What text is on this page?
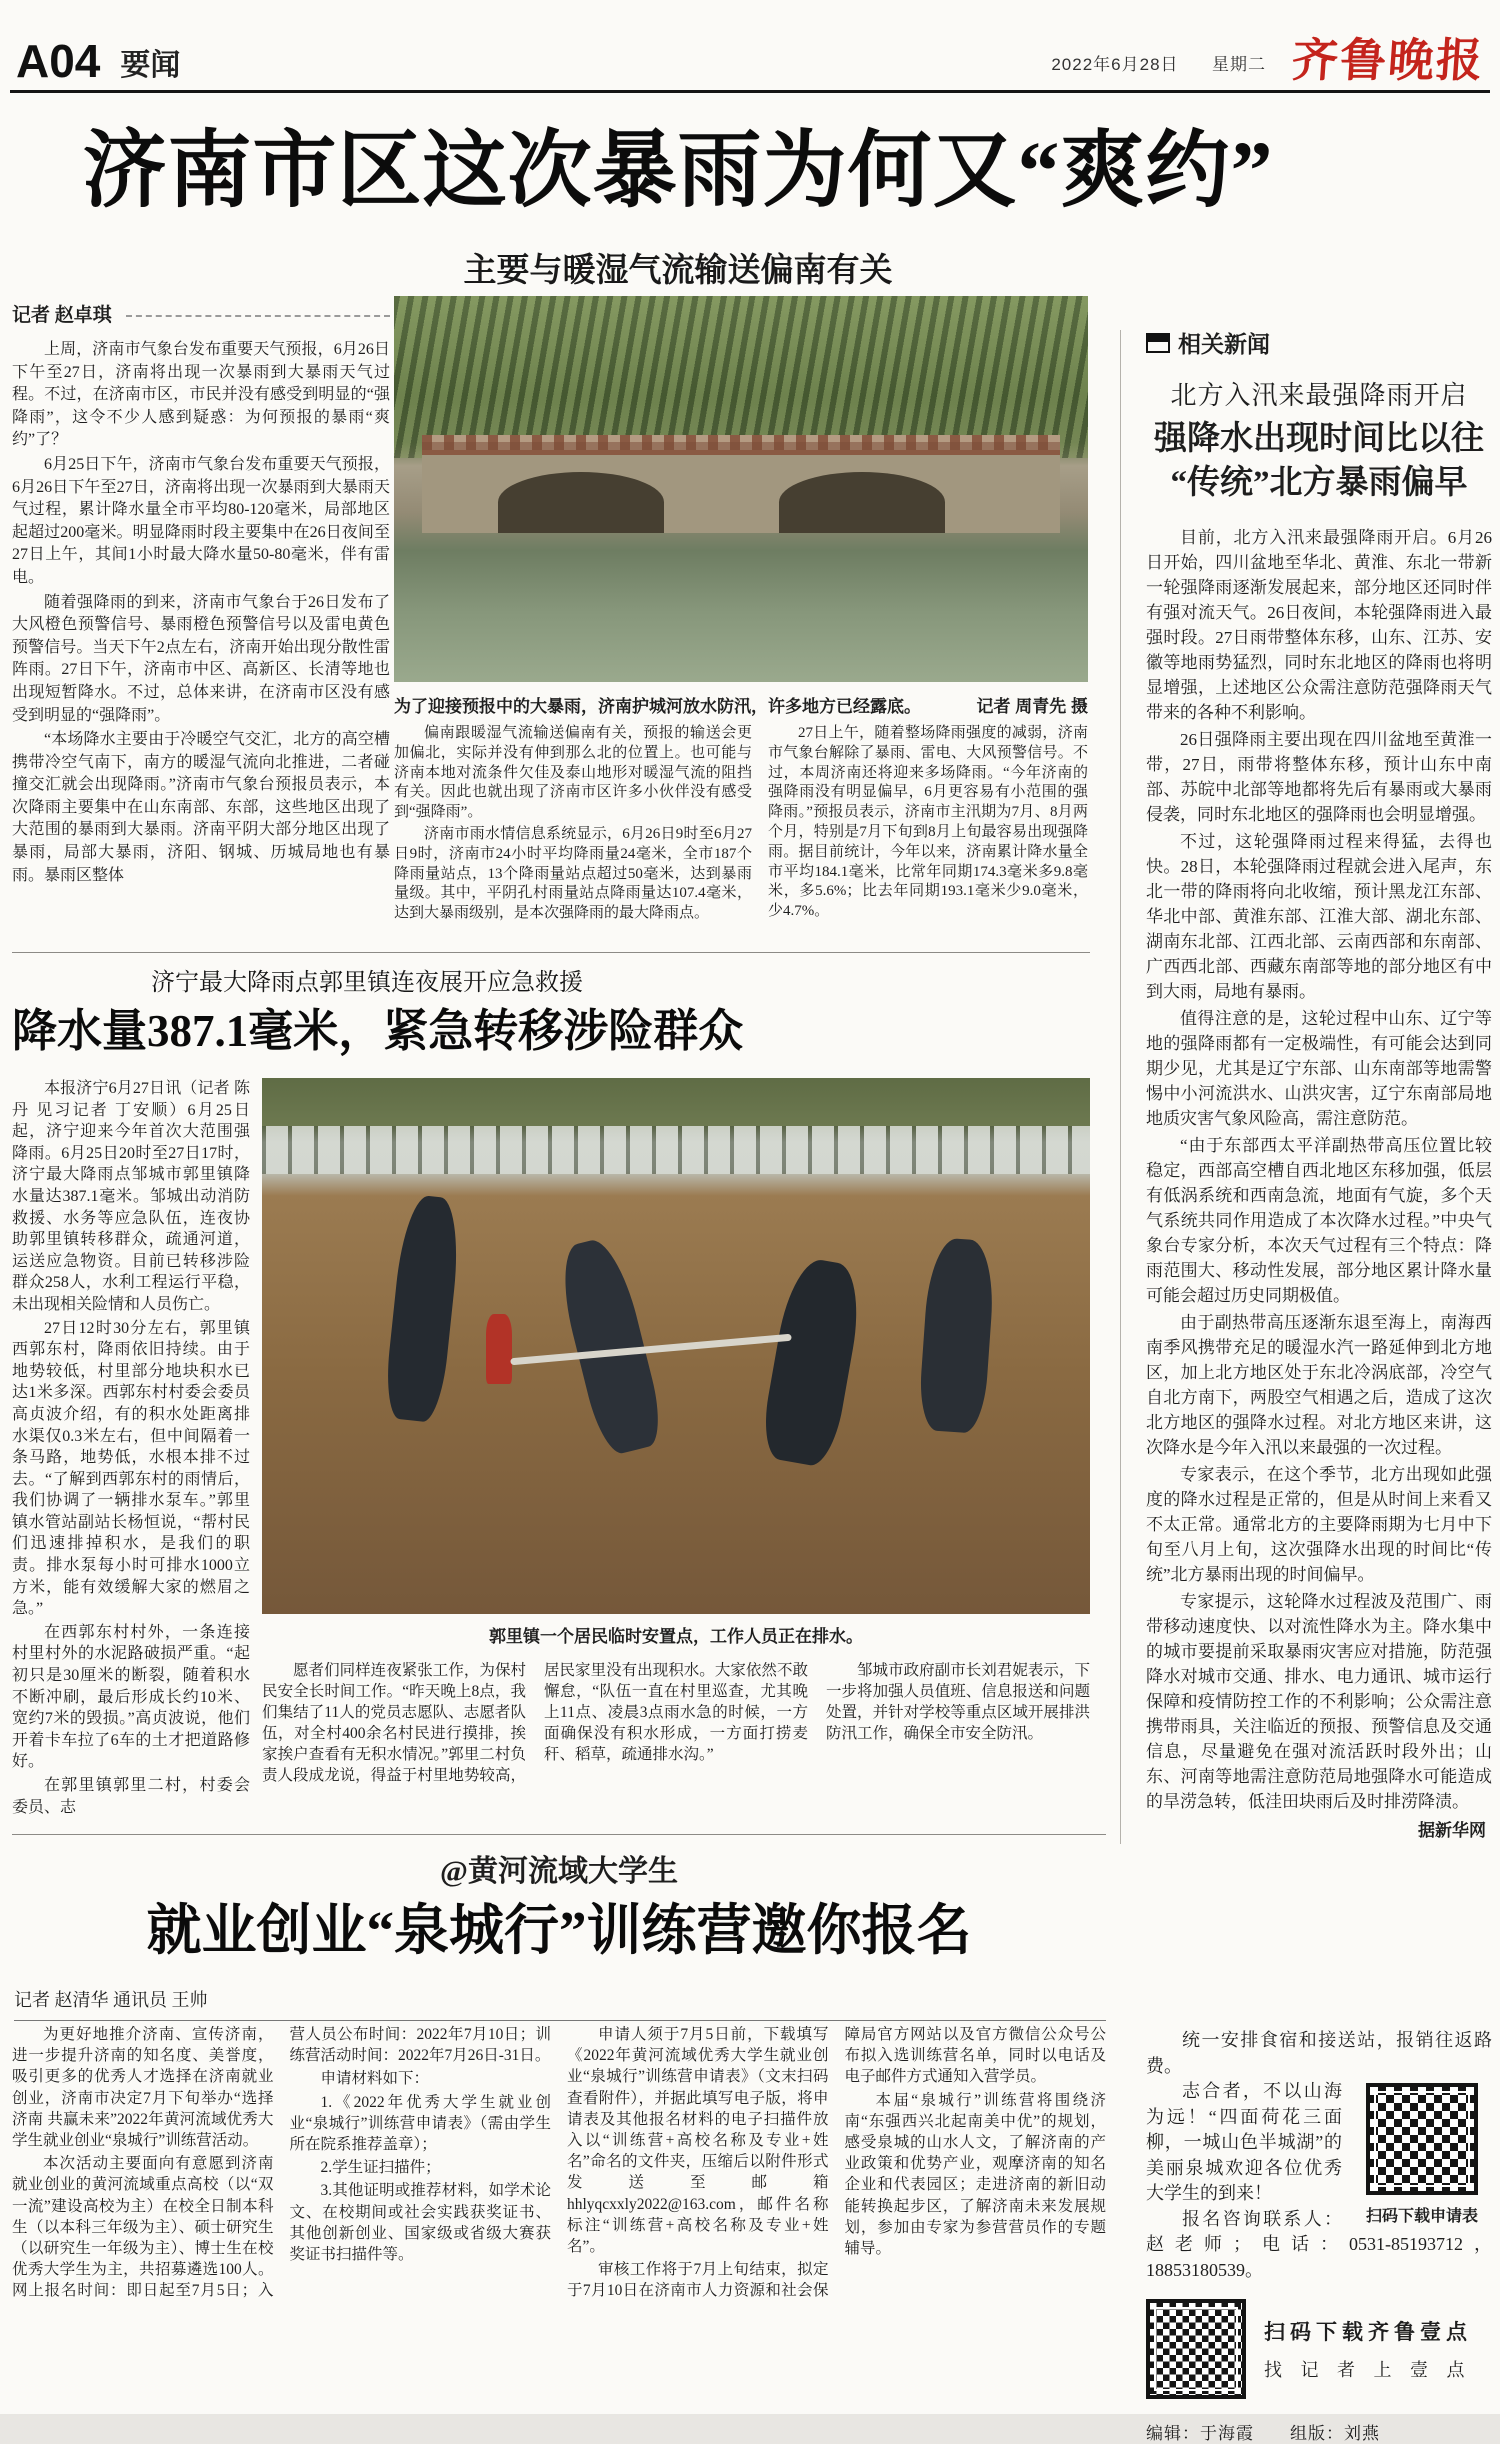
A04 要闻	2022年6月28日 星期二 齐鲁晚报
济南市区这次暴雨为何又“爽约”
主要与暖湿气流输送偏南有关
记者 赵卓琪

上周，济南市气象台发布重要天气预报，6月26日下午至27日，济南将出现一次暴雨到大暴雨天气过程。不过，在济南市区，市民并没有感受到明显的“强降雨”，这令不少人感到疑惑：为何预报的暴雨“爽约”了？

6月25日下午，济南市气象台发布重要天气预报，6月26日下午至27日，济南将出现一次暴雨到大暴雨天气过程，累计降水量全市平均80-120毫米，局部地区起超过200毫米。明显降雨时段主要集中在26日夜间至27日上午，其间1小时最大降水量50-80毫米，伴有雷电。

随着强降雨的到来，济南市气象台于26日发布了大风橙色预警信号、暴雨橙色预警信号以及雷电黄色预警信号。当天下午2点左右，济南开始出现分散性雷阵雨。27日下午，济南市中区、高新区、长清等地也出现短暂降水。不过，总体来讲，在济南市区没有感受到明显的“强降雨”。

“本场降水主要由于冷暖空气交汇，北方的高空槽携带冷空气南下，南方的暖湿气流向北推进，二者碰撞交汇就会出现降雨。”济南市气象台预报员表示，本次降雨主要集中在山东南部、东部，这些地区出现了大范围的暴雨到大暴雨。济南平阴大部分地区出现了暴雨，局部大暴雨，济阳、钢城、历城局地也有暴雨。暴雨区整体

为了迎接预报中的大暴雨，济南护城河放水防汛，许多地方已经露底。	记者 周青先 摄

偏南跟暖湿气流输送偏南有关，预报的输送会更加偏北，实际并没有伸到那么北的位置上。也可能与济南本地对流条件欠佳及泰山地形对暖湿气流的阻挡有关。因此也就出现了济南市区许多小伙伴没有感受到“强降雨”。

济南市雨水情信息系统显示，6月26日9时至6月27日9时，济南市24小时平均降雨量24毫米，全市187个降雨量站点，13个降雨量站点超过50毫米，达到暴雨量级。其中，平阴孔村雨量站点降雨量达107.4毫米，达到大暴雨级别，是本次强降雨的最大降雨点。

27日上午，随着整场降雨强度的减弱，济南市气象台解除了暴雨、雷电、大风预警信号。不过，本周济南还将迎来多场降雨。“今年济南的强降雨没有明显偏早，6月更容易有小范围的强降雨。”预报员表示，济南市主汛期为7月、8月两个月，特别是7月下旬到8月上旬最容易出现强降雨。据目前统计，今年以来，济南累计降水量全市平均184.1毫米，比常年同期174.3毫米多9.8毫米，多5.6%；比去年同期193.1毫米少9.0毫米，少4.7%。

相关新闻
北方入汛来最强降雨开启
强降水出现时间比以往
“传统”北方暴雨偏早

目前，北方入汛来最强降雨开启。6月26日开始，四川盆地至华北、黄淮、东北一带新一轮强降雨逐渐发展起来，部分地区还同时伴有强对流天气。26日夜间，本轮强降雨进入最强时段。27日雨带整体东移，山东、江苏、安徽等地雨势猛烈，同时东北地区的降雨也将明显增强，上述地区公众需注意防范强降雨天气带来的各种不利影响。

26日强降雨主要出现在四川盆地至黄淮一带，27日，雨带将整体东移，预计山东中南部、苏皖中北部等地都将先后有暴雨或大暴雨侵袭，同时东北地区的强降雨也会明显增强。

不过，这轮强降雨过程来得猛，去得也快。28日，本轮强降雨过程就会进入尾声，东北一带的降雨将向北收缩，预计黑龙江东部、华北中部、黄淮东部、江淮大部、湖北东部、湖南东北部、江西北部、云南西部和东南部、广西西北部、西藏东南部等地的部分地区有中到大雨，局地有暴雨。

值得注意的是，这轮过程中山东、辽宁等地的强降雨都有一定极端性，有可能会达到同期少见，尤其是辽宁东部、山东南部等地需警惕中小河流洪水、山洪灾害，辽宁东南部局地地质灾害气象风险高，需注意防范。

“由于东部西太平洋副热带高压位置比较稳定，西部高空槽自西北地区东移加强，低层有低涡系统和西南急流，地面有气旋，多个天气系统共同作用造成了本次降水过程。”中央气象台专家分析，本次天气过程有三个特点：降雨范围大、移动性发展，部分地区累计降水量可能会超过历史同期极值。

由于副热带高压逐渐东退至海上，南海西南季风携带充足的暖湿水汽一路延伸到北方地区，加上北方地区处于东北冷涡底部，冷空气自北方南下，两股空气相遇之后，造成了这次北方地区的强降水过程。对北方地区来讲，这次降水是今年入汛以来最强的一次过程。

专家表示，在这个季节，北方出现如此强度的降水过程是正常的，但是从时间上来看又不太正常。通常北方的主要降雨期为七月中下旬至八月上旬，这次强降水出现的时间比“传统”北方暴雨出现的时间偏早。

专家提示，这轮降水过程波及范围广、雨带移动速度快、以对流性降水为主。降水集中的城市要提前采取暴雨灾害应对措施，防范强降水对城市交通、排水、电力通讯、城市运行保障和疫情防控工作的不利影响；公众需注意携带雨具，关注临近的预报、预警信息及交通信息，尽量避免在强对流活跃时段外出；山东、河南等地需注意防范局地强降水可能造成的旱涝急转，低洼田块雨后及时排涝降渍。

据新华网
济宁最大降雨点郭里镇连夜展开应急救援
降水量387.1毫米，紧急转移涉险群众

本报济宁6月27日讯（记者 陈丹 见习记者 丁安顺）6月25日起，济宁迎来今年首次大范围强降雨。6月25日20时至27日17时，济宁最大降雨点邹城市郭里镇降水量达387.1毫米。邹城出动消防救援、水务等应急队伍，连夜协助郭里镇转移群众，疏通河道，运送应急物资。目前已转移涉险群众258人，水利工程运行平稳，未出现相关险情和人员伤亡。

27日12时30分左右，郭里镇西郭东村，降雨依旧持续。由于地势较低，村里部分地块积水已达1米多深。西郭东村村委会委员高贞波介绍，有的积水处距离排水渠仅0.3米左右，但中间隔着一条马路，地势低，水根本排不过去。“了解到西郭东村的雨情后，我们协调了一辆排水泵车。”郭里镇水管站副站长杨恒说，“帮村民们迅速排掉积水，是我们的职责。排水泵每小时可排水1000立方米，能有效缓解大家的燃眉之急。”

在西郭东村村外，一条连接村里村外的水泥路破损严重。“起初只是30厘米的断裂，随着积水不断冲刷，最后形成长约10米、宽约7米的毁损。”高贞波说，他们开着卡车拉了6车的土才把道路修好。

在郭里镇郭里二村，村委会委员、志

郭里镇一个居民临时安置点，工作人员正在排水。

愿者们同样连夜紧张工作，为保村民安全长时间工作。“昨天晚上8点，我们集结了11人的党员志愿队、志愿者队伍，对全村400余名村民进行摸排，挨家挨户查看有无积水情况。”郭里二村负责人段成龙说，得益于村里地势较高，居民家里没有出现积水。大家依然不敢懈怠，“队伍一直在村里巡查，尤其晚上11点、凌晨3点雨水急的时候，一方面确保没有积水形成，一方面打捞麦秆、稻草，疏通排水沟。”

邹城市政府副市长刘君妮表示，下一步将加强人员值班、信息报送和问题处置，并针对学校等重点区域开展排洪防汛工作，确保全市安全防汛。

@黄河流域大学生
就业创业“泉城行”训练营邀你报名
记者 赵清华 通讯员 王帅

为更好地推介济南、宣传济南，进一步提升济南的知名度、美誉度，吸引更多的优秀人才选择在济南就业创业，济南市决定7月下旬举办“选择济南 共赢未来”2022年黄河流域优秀大学生就业创业“泉城行”训练营活动。

本次活动主要面向有意愿到济南就业创业的黄河流域重点高校（以“双一流”建设高校为主）在校全日制本科生（以本科三年级为主）、硕士研究生（以研究生一年级为主）、博士生在校优秀大学生为主，共招募遴选100人。网上报名时间：即日起至7月5日；入营人员公布时间：2022年7月10日；训练营活动时间：2022年7月26日-31日。

申请材料如下：

1.《2022年优秀大学生就业创业“泉城行”训练营申请表》（需由学生所在院系推荐盖章）；

2.学生证扫描件；

3.其他证明或推荐材料，如学术论文、在校期间或社会实践获奖证书、其他创新创业、国家级或省级大赛获奖证书扫描件等。

申请人须于7月5日前，下载填写《2022年黄河流域优秀大学生就业创业“泉城行”训练营申请表》（文末扫码查看附件），并据此填写电子版，将申请表及其他报名材料的电子扫描件放入以“训练营+高校名称及专业+姓名”命名的文件夹，压缩后以附件形式发送至邮箱hhlyqcxxly2022@163.com，邮件名称标注“训练营+高校名称及专业+姓名”。

审核工作将于7月上旬结束，拟定于7月10日在济南市人力资源和社会保障局官方网站以及官方微信公众号公布拟入选训练营名单，同时以电话及电子邮件方式通知入营学员。

本届“泉城行”训练营将围绕济南“东强西兴北起南美中优”的规划，感受泉城的山水人文，了解济南的产业政策和优势产业，观摩济南的知名企业和代表园区；走进济南的新旧动能转换起步区，了解济南未来发展规划，参加由专家为参营营员作的专题辅导。

统一安排食宿和接送站，报销往返路费。

扫码下载申请表

志合者，不以山海为远！“四面荷花三面柳，一城山色半城湖”的美丽泉城欢迎各位优秀大学生的到来！

报名咨询联系人：赵老师；电话：0531-85193712，18853180539。

扫码下载齐鲁壹点
找 记 者 上 壹 点
编辑：于海霞　　组版：刘燕
